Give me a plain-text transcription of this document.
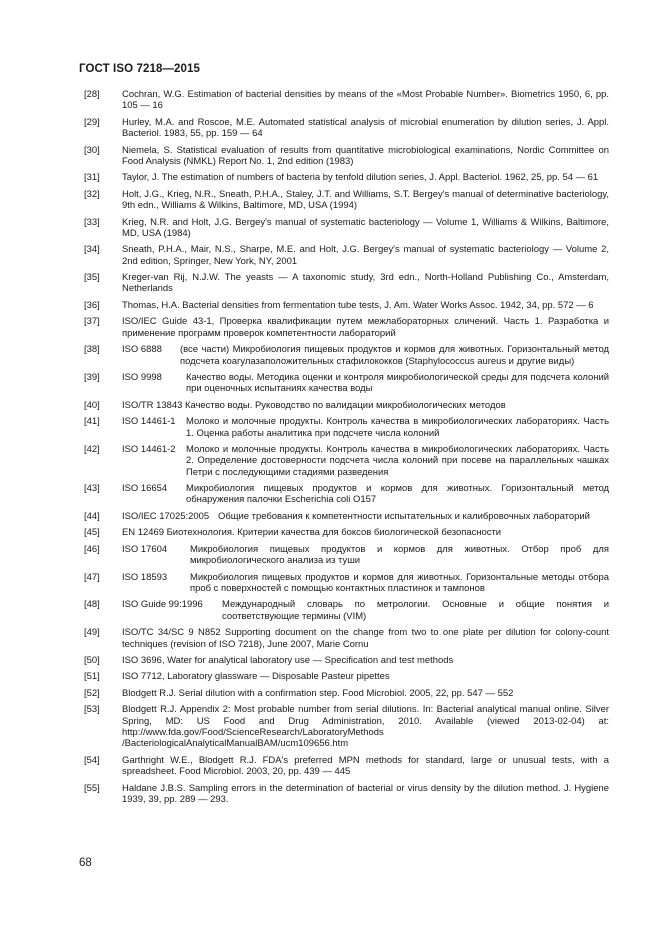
ГОСТ ISO 7218—2015
[28]	Cochran, W.G. Estimation of bacterial densities by means of the «Most Probable Number». Biometrics 1950, 6, pp. 105 — 16
[29]	Hurley, M.A. and Roscoe, M.E. Automated statistical analysis of microbial enumeration by dilution series, J. Appl. Bacteriol. 1983, 55, pp. 159 — 64
[30]	Niemela, S. Statistical evaluation of results from quantitative microbiological examinations, Nordic Committee on Food Analysis (NMKL) Report No. 1, 2nd edition (1983)
[31]	Taylor, J. The estimation of numbers of bacteria by tenfold dilution series, J. Appl. Bacteriol. 1962, 25, pp. 54 — 61
[32]	Holt, J.G., Krieg, N.R., Sneath, P.H.A., Staley, J.T. and Williams, S.T. Bergey's manual of determinative bacteriology, 9th edn., Williams & Wilkins, Baltimore, MD, USA (1994)
[33]	Krieg, N.R. and Holt, J.G. Bergey's manual of systematic bacteriology — Volume 1, Williams & Wilkins, Baltimore, MD, USA (1984)
[34]	Sneath, P.H.A., Mair, N.S., Sharpe, M.E. and Holt, J.G. Bergey's manual of systematic bacteriology — Volume 2, 2nd edition, Springer, New York, NY, 2001
[35]	Kreger-van Rij, N.J.W. The yeasts — A taxonomic study, 3rd edn., North-Holland Publishing Co., Amsterdam, Netherlands
[36]	Thomas, H.A. Bacterial densities from fermentation tube tests, J. Am. Water Works Assoc. 1942, 34, pp. 572 — 6
[37]	ISO/IEC Guide 43-1, Проверка квалификации путем межлабораторных сличений. Часть 1. Разработка и применение программ проверок компетентности лабораторий
[38]	ISO 6888	(все части) Микробиология пищевых продуктов и кормов для животных. Горизонтальный метод подсчета коагулазаположительных стафилококков (Staphylococcus aureus и другие виды)
[39]	ISO 9998	Качество воды. Методика оценки и контроля микробиологической среды для подсчета колоний при оценочных испытаниях качества воды
[40]	ISO/TR 13843 Качество воды. Руководство по валидации микробиологических методов
[41]	ISO 14461-1	Молоко и молочные продукты. Контроль качества в микробиологических лабораториях. Часть 1. Оценка работы аналитика при подсчете числа колоний
[42]	ISO 14461-2	Молоко и молочные продукты. Контроль качества в микробиологических лабораториях. Часть 2. Определение достоверности подсчета числа колоний при посеве на параллельных чашках Петри с последующими стадиями разведения
[43]	ISO 16654	Микробиология пищевых продуктов и кормов для животных. Горизонтальный метод обнаружения палочки Escherichia coli O157
[44]	ISO/IEC 17025:2005 Общие требования к компетентности испытательных и калибровочных лабораторий
[45]	EN 12469 Биотехнология. Критерии качества для боксов биологической безопасности
[46]	ISO 17604	Микробиология пищевых продуктов и кормов для животных. Отбор проб для микробиологического анализа из туши
[47]	ISO 18593	Микробиология пищевых продуктов и кормов для животных. Горизонтальные методы отбора проб с поверхностей с помощью контактных пластинок и тампонов
[48]	ISO Guide 99:1996	Международный словарь по метрологии. Основные и общие понятия и соответствующие термины (VIM)
[49]	ISO/TC 34/SC 9 N852 Supporting document on the change from two to one plate per dilution for colony-count techniques (revision of ISO 7218), June 2007, Marie Cornu
[50]	ISO 3696, Water for analytical laboratory use — Specification and test methods
[51]	ISO 7712, Laboratory glassware — Disposable Pasteur pipettes
[52]	Blodgett R.J. Serial dilution with a confirmation step. Food Microbiol. 2005, 22, pp. 547 — 552
[53]	Blodgett R.J. Appendix 2: Most probable number from serial dilutions. In: Bacterial analytical manual online. Silver Spring, MD: US Food and Drug Administration, 2010. Available (viewed 2013-02-04) at: http://www.fda.gov/Food/ScienceResearch/LaboratoryMethods /BacteriologicalAnalyticalManualBAM/ucm109656.htm
[54]	Garthright W.E., Blodgett R.J. FDA's preferred MPN methods for standard, large or unusual tests, with a spreadsheet. Food Microbiol. 2003, 20, pp. 439 — 445
[55]	Haldane J.B.S. Sampling errors in the determination of bacterial or virus density by the dilution method. J. Hygiene 1939, 39, pp. 289 — 293.
68
